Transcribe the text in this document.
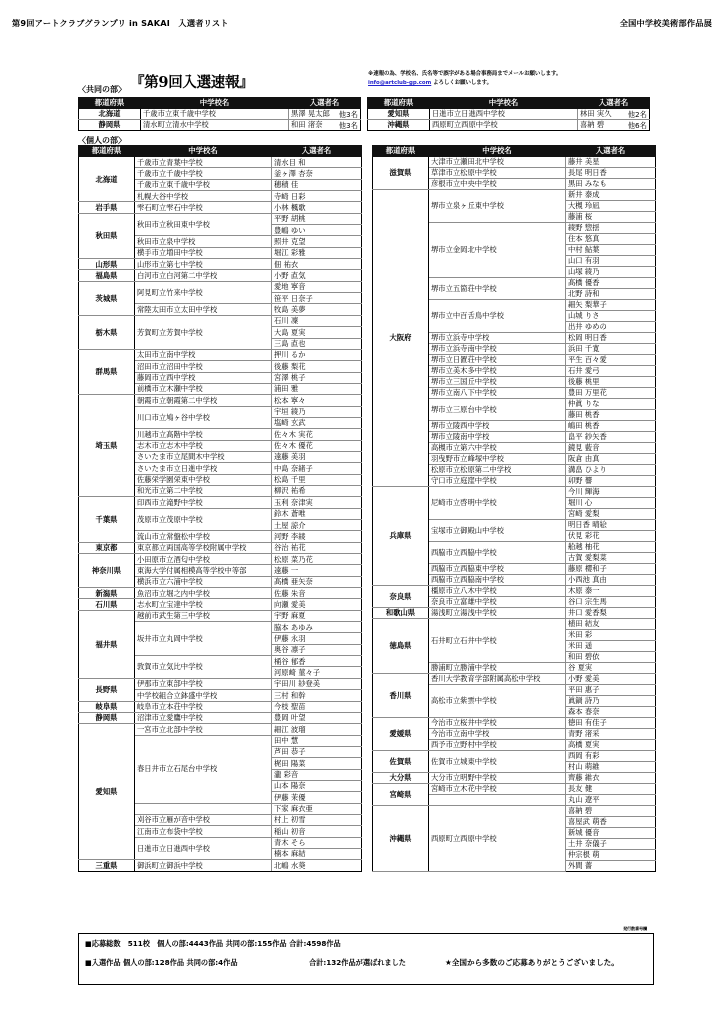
第9回アートクラブグランプリ in SAKAI　入選者リスト	全国中学校美術部作品展
〈共同の部〉 『第9回入選速報』	※速報の為、学校名、氏名等で誤字がある場合事務局までメールお願いします。
info@artclub-gp.com よろしくお願いします。
都道府県	中学校名	入選者名
北海道	千歳市立東千歳中学校	黒澤 晃太郎 他3名

静岡県	清水町立清水中学校	和田 渚奈 他3名
都道府県	中学校名	入選者名
愛知県	日進市立日進西中学校	林田 実久 他2名

沖縄県	西原町立西原中学校	喜納 碧 他6名
〈個人の部〉
都道府県	中学校名	入選者名
北海道	千歳市立青葉中学校	清水目 和
	千歳市立千歳中学校	釜ヶ澤 杏奈
	千歳市立東千歳中学校	穂積 佳
	札幌大谷中学校	寺崎 日彩
岩手県	雫石町立雫石中学校	小林 楓歌
秋田県	秋田市立秋田東中学校	平野 胡桃
		豊嶋 ゆい
	秋田市立泉中学校	照井 克望
	横手市立増田中学校	堀江 彩雅
山形県	山形市立第七中学校	佃 祐衣
福島県	白河市立白河第二中学校	小野 直気
茨城県	阿見町立竹来中学校	愛地 寧音
		笹平 日奈子
	常陸太田市立太田中学校	牧島 美夢
栃木県	芳賀町立芳賀中学校	石川 凜
		大島 夏実
		三島 直也
群馬県	太田市立南中学校	押川 るか
	沼田市立沼田中学校	後藤 梨花
	藤岡市立西中学校	宮澤 桃子
	前橋市立木瀬中学校	浦田 雅
埼玉県	朝霞市立朝霞第二中学校	松本 寧々
	川口市立鳩ヶ谷中学校	宇垣 綾乃
		塩崎 玄武
	川越市立髙階中学校	佐々木 実花
	志木市立志木中学校	佐々木 優花
	さいたま市立尾間木中学校	遠藤 美羽
	さいたま市立日進中学校	中島 奈緒子
	佐藤栄学園栄東中学校	松島 千里
	和光市立第二中学校	柳沢 祐希
千葉県	印西市立滝野中学校	玉利 奈津実
	茂原市立茂原中学校	鈴木 蒼唯
		土屋 諒介
	流山市立常盤松中学校	河野 李綾
東京都	東京都立両国高等学校附属中学校	谷治 祐花
神奈川県	小田原市立酒匂中学校	松原 菜乃花
	東海大学付属相模高等学校中等部	遠藤 一
	横浜市立六浦中学校	髙橋 亜矢奈
新潟県	魚沼市立堀之内中学校	佐藤 朱音
石川県	志水町立宝達中学校	向瀬 愛美
福井県	越前市武生第三中学校	宇野 麻夏
	坂井市立丸岡中学校	脇本 あゆみ
		伊藤 永羽
		奥谷 凛子
	敦賀市立気比中学校	桶谷 郁香
		河原崎 菫々子
長野県	伊那市立東部中学校	宇田川 紗登美
	中学校組合立鉢盛中学校	三村 和幹
岐阜県	岐阜市立本荘中学校	今枝 聖苗
静岡県	沼津市立愛鷹中学校	豊岡 叶望
愛知県	一宮市立北部中学校	細江 波瑠
	春日井市立石尾台中学校	田中 慧
		芦田 恭子
		梶田 陽菜
		瀧 彩音
		山本 陽奈
		伊藤 茉優
		下家 麻衣亜
	刈谷市立雁が音中学校	村上 初雪
	江南市立布袋中学校	稲山 初音
	日進市立日進西中学校	青木 そら
		楠本 麻結
三重県	御浜町立御浜中学校	北嶋 水葵
都道府県	中学校名	入選者名
滋賀県	大津市立瀬田北中学校	藤井 美星
	草津市立松原中学校	長尾 明日香
	彦根市立中央中学校	黒田 みなも
大阪府	堺市立泉ヶ丘東中学校	新井 泰成
		大槻 玲凪
		藤浦 桜
	堺市立金岡北中学校	綾野 惣揺
		住本 悠真
		中村 鮎葉
		山口 有羽
		山塚 綾乃
	堺市立五箇荘中学校	髙橋 優香
		北野 詩和
	堺市立中百舌鳥中学校	細矢 梨華子
		山城 りさ
		出井 ゆめの
	堺市立浜寺中学校	松岡 明日香
	堺市立浜寺南中学校	浜田 千寛
	堺市立日置荘中学校	平生 百々愛
	堺市立美木多中学校	石井 愛弓
	堺市立三国丘中学校	後藤 桃里
	堺市立南八下中学校	豊田 万里花
	堺市立三原台中学校	仲眞 りな
		藤田 桃香
	堺市立陵西中学校	嶋田 桃香
	堺市立陵南中学校	畠平 紗矢香
	高槻市立第六中学校	鏡見 藍音
	羽曳野市立峰塚中学校	阪倉 由真
	松原市立松原第二中学校	溝畠 ひより
	守口市立庭窪中学校	卯野 響
兵庫県	尼崎市立啓明中学校	今川 輝海
		堀川 心
		宮崎 愛梨
	宝塚市立御殿山中学校	明日香 晴絵
		伏見 彩花
	西脇市立西脇中学校	船越 柚花
		古賀 愛梨菜
	西脇市立西脇東中学校	藤原 櫻和子
	西脇市立西脇南中学校	小西池 真由
奈良県	橿原市立八木中学校	木原 泰一
	奈良市立富雄中学校	谷口 宗生馬
和歌山県	湯浅町立湯浅中学校	井口 愛香梨
徳島県	石井町立石井中学校	植田 結友
		米田 彩
		米田 遥
		和田 碧依
	勝浦町立勝浦中学校	谷 夏実
香川県	香川大学教育学部附属高松中学校	小野 愛美
	高松市立紫雲中学校	平田 惠子
		眞鍋 詩乃
		森本 春奈
愛媛県	今治市立桜井中学校	德田 有佳子
	今治市立南中学校	青野 渚采
	西予市立野村中学校	高橋 夏実
佐賀県	佐賀市立城東中学校	西岡 有彩
		村山 萌維
大分県	大分市立明野中学校	齊藤 維衣
宮崎県	宮崎市立木花中学校	長友 健
		丸山 遼平
沖縄県	西原町立西原中学校	喜納 碧
		喜屋武 萌香
		新城 優音
		土井 奈儀子
		仲宗根 萌
		外間 薔
発行数番号欄
■応募総数　511校　個人の部:4443作品 共同の部:155作品 合計:4598作品
■入選作品 個人の部:128作品 共同の部:4作品	合計:132作品が選ばれました	★全国から多数のご応募ありがとうございました。
